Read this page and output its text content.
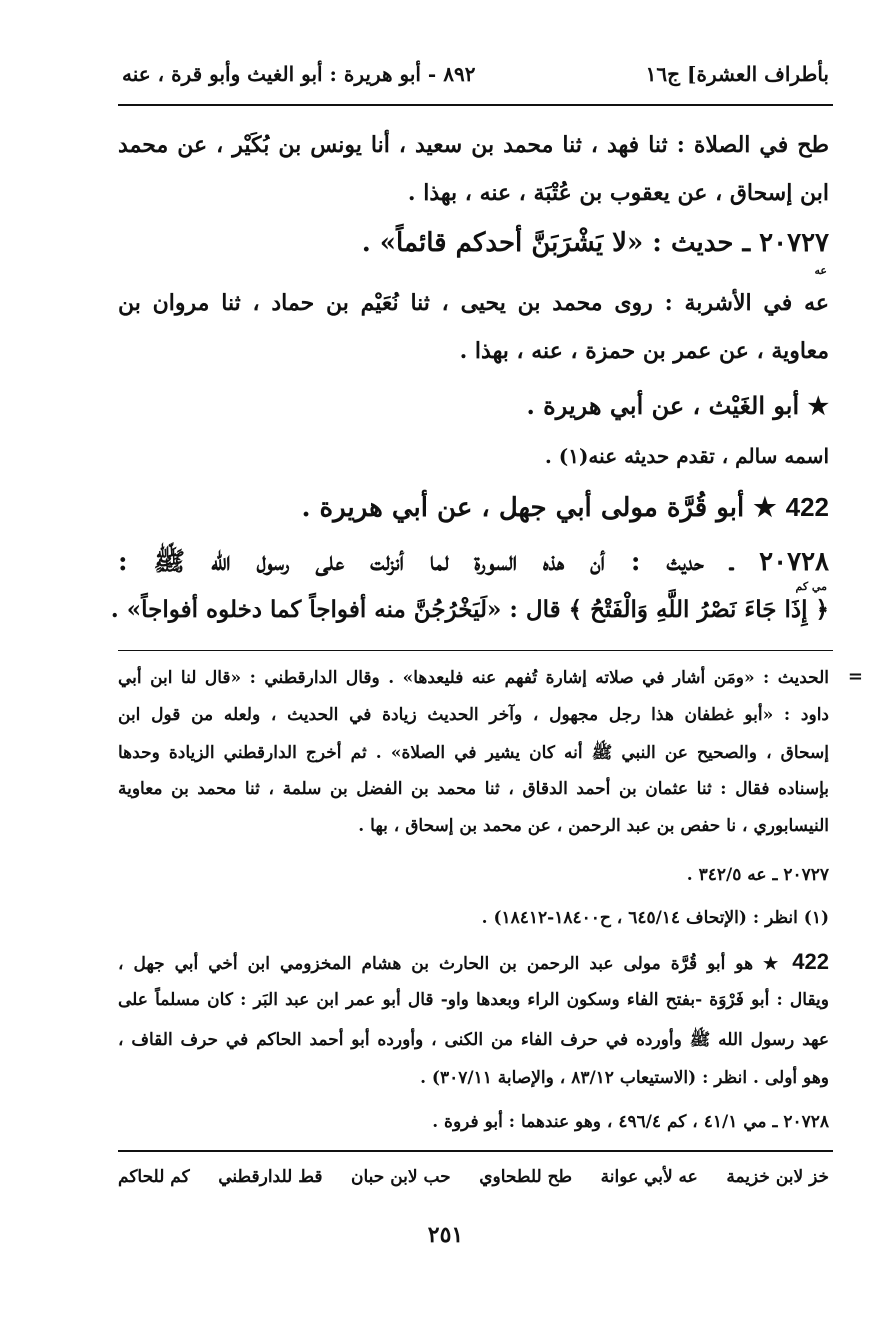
بأطراف العشرة] ج١٦
٨٩٢ - أبو هريرة : أبو الغيث وأبو قرة ، عنه
طح في الصلاة : ثنا فهد ، ثنا محمد بن سعيد ، أنا يونس بن بُكَيْر ، عن محمد
ابن إسحاق ، عن يعقوب بن عُتْبَة ، عنه ، بهذا .
٢٠٧٢٧ ـ حديث : «لا يَشْرَبَنَّ أحدكم قائماً» .
عه
عه في الأشربة : روى محمد بن يحيى ، ثنا نُعَيْم بن حماد ، ثنا مروان بن
معاوية ، عن عمر بن حمزة ، عنه ، بهذا .
★ أبو الغَيْث ، عن أبي هريرة .
اسمه سالم ، تقدم حديثه عنه(١) .
422 ★ أبو قُرَّة مولى أبي جهل ، عن أبي هريرة .
٢٠٧٢٨ ـ حديث : أن هذه السورة لما أنزلت على رسول الله ﷺ :
مي كم
﴿ إِذَا جَاءَ نَصْرُ اللَّهِ وَالْفَتْحُ ﴾ قال : «لَيَخْرُجُنَّ منه أفواجاً كما دخلوه أفواجاً» .
=
الحديث : «ومَن أشار في صلاته إشارة تُفهم عنه فليعدها» . وقال الدارقطني : «قال لنا ابن أبي
داود : «أبو غطفان هذا رجل مجهول ، وآخر الحديث زيادة في الحديث ، ولعله من قول ابن
إسحاق ، والصحيح عن النبي ﷺ أنه كان يشير في الصلاة» . ثم أخرج الدارقطني الزيادة وحدها
بإسناده فقال : ثنا عثمان بن أحمد الدقاق ، ثنا محمد بن الفضل بن سلمة ، ثنا محمد بن معاوية
النيسابوري ، نا حفص بن عبد الرحمن ، عن محمد بن إسحاق ، بها .
٢٠٧٢٧ ـ عه ٣٤٢/٥ .
(١) انظر : (الإتحاف ٦٤٥/١٤ ، ح١٨٤٠٠-١٨٤١٢) .
422 ★ هو أبو قُرَّة مولى عبد الرحمن بن الحارث بن هشام المخزومي ابن أخي أبي جهل ،
ويقال : أبو فَرْوَة -بفتح الفاء وسكون الراء وبعدها واو- قال أبو عمر ابن عبد البَر : كان مسلماً على
عهد رسول الله ﷺ وأورده في حرف الفاء من الكنى ، وأورده أبو أحمد الحاكم في حرف القاف ،
وهو أولى . انظر : (الاستيعاب ٨٣/١٢ ، والإصابة ٣٠٧/١١) .
٢٠٧٢٨ ـ مي ٤١/١ ، كم ٤٩٦/٤ ، وهو عندهما : أبو فروة .
خز لابن خزيمة
عه لأبي عوانة
طح للطحاوي
حب لابن حبان
قط للدارقطني
كم للحاكم
٢٥١
